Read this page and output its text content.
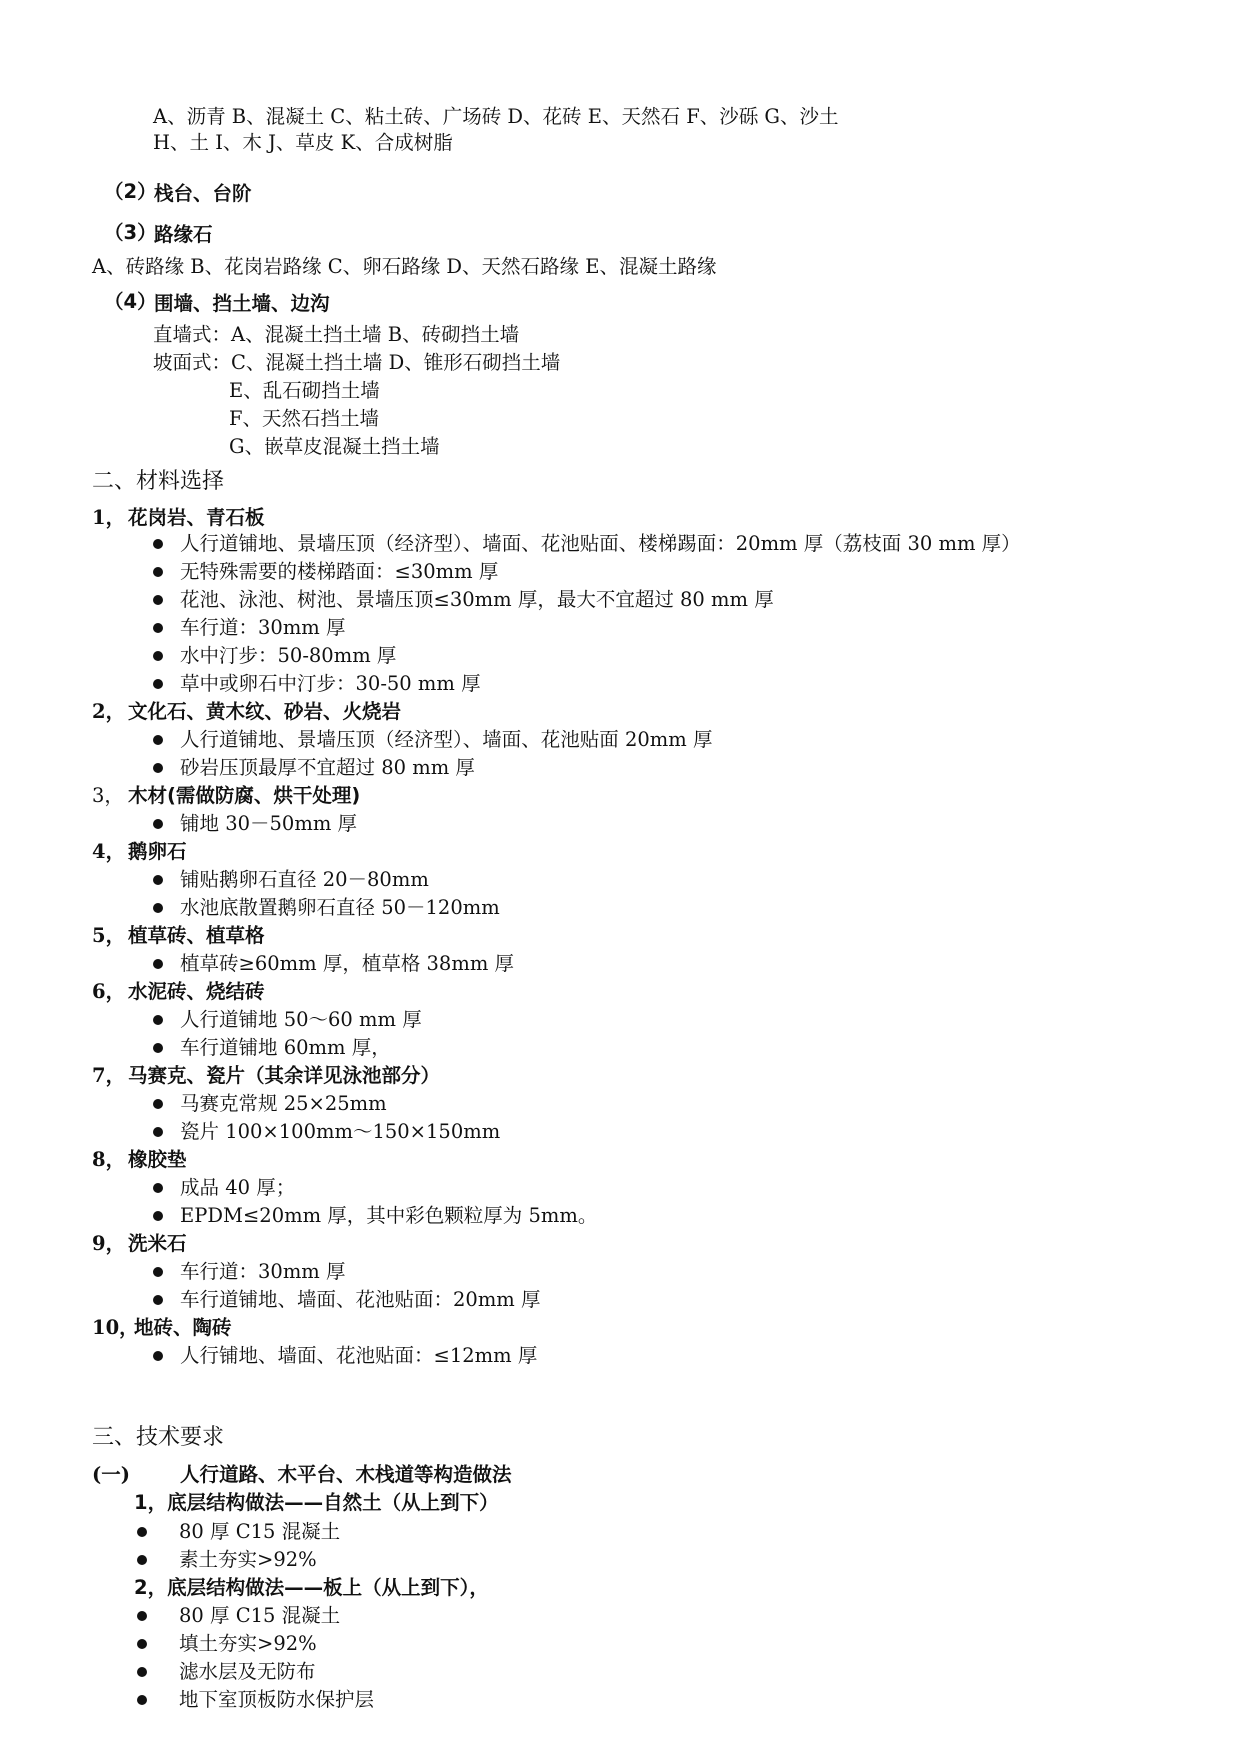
A、沥青 B、混凝土 C、粘土砖、广场砖 D、花砖 E、天然石 F、沙砾 G、沙土
H、土 I、木 J、草皮 K、合成树脂
（2）
栈台、台阶
（3）
路缘石
A、砖路缘 B、花岗岩路缘 C、卵石路缘 D、天然石路缘 E、混凝土路缘
（4）
围墙、挡土墙、边沟
直墙式：A、混凝土挡土墙 B、砖砌挡土墙
坡面式：C、混凝土挡土墙 D、锥形石砌挡土墙
E、乱石砌挡土墙
F、天然石挡土墙
G、嵌草皮混凝土挡土墙
二、材料选择
1， 花岗岩、青石板
人行道铺地、景墙压顶（经济型）、墙面、花池贴面、楼梯踢面：20mm 厚（荔枝面 30 mm 厚）
无特殊需要的楼梯踏面：≤30mm 厚
花池、泳池、树池、景墙压顶≤30mm 厚，最大不宜超过 80 mm 厚
车行道：30mm 厚
水中汀步：50-80mm 厚
草中或卵石中汀步：30-50 mm 厚
2， 文化石、黄木纹、砂岩、火烧岩
人行道铺地、景墙压顶（经济型）、墙面、花池贴面 20mm 厚
砂岩压顶最厚不宜超过 80 mm 厚
3， 木材(需做防腐、烘干处理)
铺地 30－50mm 厚
4， 鹅卵石
铺贴鹅卵石直径 20－80mm
水池底散置鹅卵石直径 50－120mm
5， 植草砖、植草格
植草砖≥60mm 厚，植草格 38mm 厚
6， 水泥砖、烧结砖
人行道铺地 50～60 mm 厚
车行道铺地 60mm 厚，
7， 马赛克、瓷片（其余详见泳池部分）
马赛克常规 25×25mm
瓷片 100×100mm～150×150mm
8， 橡胶垫
成品 40 厚；
EPDM≤20mm 厚，其中彩色颗粒厚为 5mm。
9， 洗米石
车行道：30mm 厚
车行道铺地、墙面、花池贴面：20mm 厚
10，
地砖、陶砖
人行铺地、墙面、花池贴面：≤12mm 厚
三、技术要求
(一)	人行道路、木平台、木栈道等构造做法
1，底层结构做法——自然土（从上到下）
80 厚 C15 混凝土
素土夯实>92%
2，底层结构做法——板上（从上到下），
80 厚 C15 混凝土
填土夯实>92%
滤水层及无防布
地下室顶板防水保护层
